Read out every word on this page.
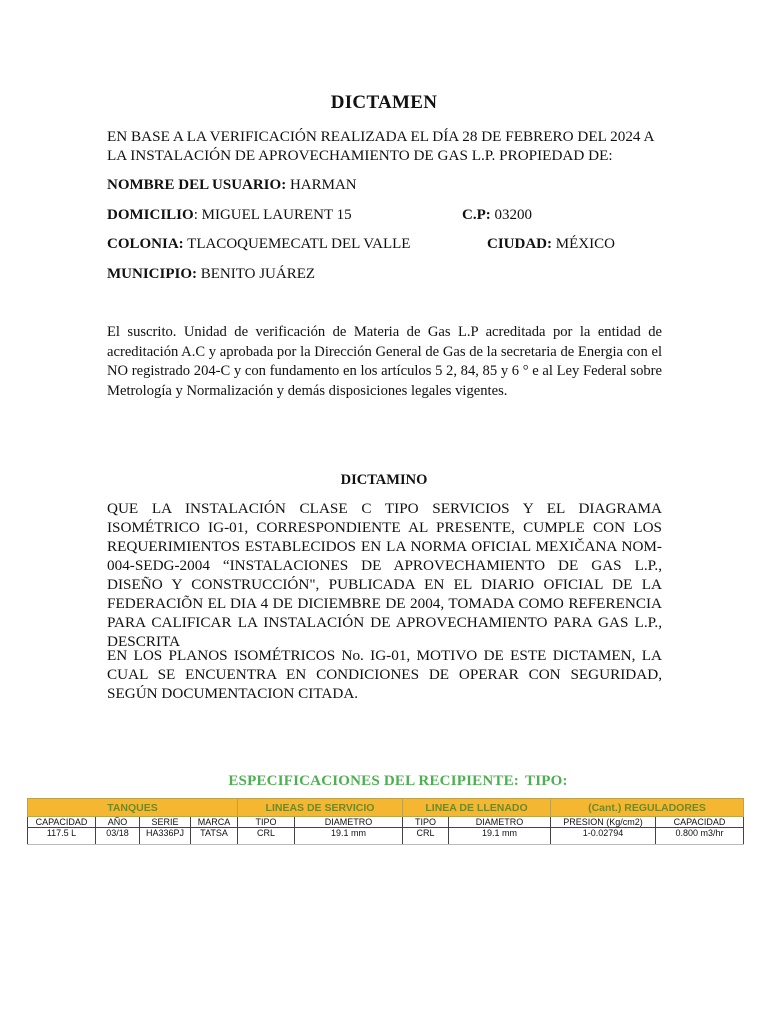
DICTAMEN
EN BASE A LA VERIFICACIÓN REALIZADA EL DÍA 28 DE FEBRERO DEL 2024 A LA INSTALACIÓN DE APROVECHAMIENTO DE GAS L.P. PROPIEDAD DE:
NOMBRE DEL USUARIO: HARMAN
DOMICILIO: MIGUEL LAURENT 15	C.P: 03200
COLONIA: TLACOQUEMECATL DEL VALLE	CIUDAD: MÉXICO
MUNICIPIO: BENITO JUÁREZ
El suscrito. Unidad de verificación de Materia de Gas L.P acreditada por la entidad de acreditación A.C y aprobada por la Dirección General de Gas de la secretaria de Energia con el NO registrado 204-C y con fundamento en los artículos 5 2, 84, 85 y 6 ° e al Ley Federal sobre Metrología y Normalización y demás disposiciones legales vigentes.
DICTAMINO
QUE LA INSTALACIÓN CLASE C TIPO SERVICIOS Y EL DIAGRAMA ISOMÉTRICO IG-01, CORRESPONDIENTE AL PRESENTE, CUMPLE CON LOS REQUERIMIENTOS ESTABLECIDOS EN LA NORMA OFICIAL MEXIČANA NOM-004-SEDG-2004 “INSTALACIONES DE APROVECHAMIENTO DE GAS L.P., DISEÑO Y CONSTRUCCIÓN", PUBLICADA EN EL DIARIO OFICIAL DE LA FEDERACIÕN EL DIA 4 DE DICIEMBRE DE 2004, TOMADA COMO REFERENCIA PARA CALIFICAR LA INSTALACIÓN DE APROVECHAMIENTO PARA GAS L.P., DESCRITA
EN LOS PLANOS ISOMÉTRICOS No. IG-01, MOTIVO DE ESTE DICTAMEN, LA CUAL SE ENCUENTRA EN CONDICIONES DE OPERAR CON SEGURIDAD, SEGÚN DOCUMENTACION CITADA.
ESPECIFICACIONES DEL RECIPIENTE: TIPO:
TANQUES				LINEAS DE SERVICIO		LINEA DE LLENADO		(Cant.) REGULADORES	
CAPACIDAD	AÑO	SERIE	MARCA	TIPO	DIAMETRO	TIPO	DIAMETRO	PRESION (Kg/cm2)	CAPACIDAD
117.5 L	03/18	HA336PJ	TATSA	CRL	19.1 mm	CRL	19.1 mm	1-0.02794	0.800 m3/hr
